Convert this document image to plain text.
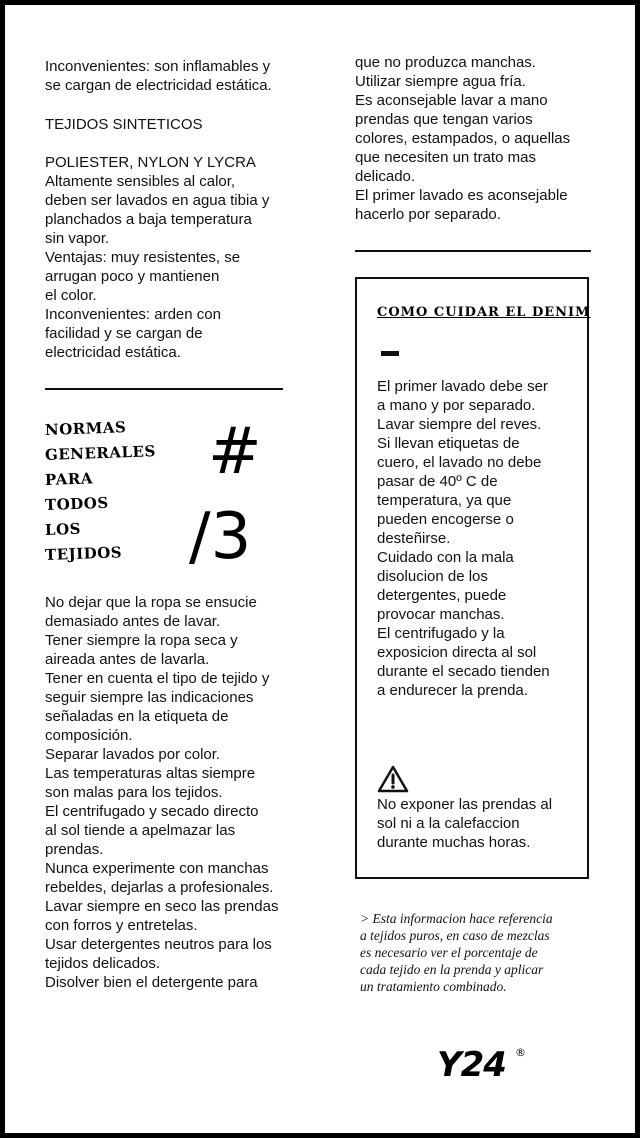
Inconvenientes: son inflamables y
se cargan de electricidad estática.

TEJIDOS SINTETICOS

POLIESTER, NYLON Y LYCRA
Altamente sensibles al calor,
deben ser lavados en agua tibia y
planchados a baja temperatura
sin vapor.
Ventajas: muy resistentes, se
arrugan poco y mantienen
el color.
Inconvenientes: arden con
facilidad y se cargan de
electricidad estática.

NORMAS
GENERALES
PARA
TODOS
LOS
TEJIDOS
#
/3

No dejar que la ropa se ensucie
demasiado antes de lavar.
Tener siempre la ropa seca y
aireada antes de lavarla.
Tener en cuenta el tipo de tejido y
seguir siempre las indicaciones
señaladas en la etiqueta de
composición.
Separar lavados por color.
Las temperaturas altas siempre
son malas para los tejidos.
El centrifugado y secado directo
al sol tiende a apelmazar las
prendas.
Nunca experimente con manchas
rebeldes, dejarlas a profesionales.
Lavar siempre en seco las prendas
con forros y entretelas.
Usar detergentes neutros para los
tejidos delicados.
Disolver bien el detergente para

que no produzca manchas.
Utilizar siempre agua fría.
Es aconsejable lavar a mano
prendas que tengan varios
colores, estampados, o aquellas
que necesiten un trato mas
delicado.
El primer lavado es aconsejable
hacerlo por separado.

COMO CUIDAR EL DENIM

El primer lavado debe ser
a mano y por separado.
Lavar siempre del reves.
Si llevan etiquetas de
cuero, el lavado no debe
pasar de 40º C de
temperatura, ya que
pueden encogerse o
desteñirse.
Cuidado con la mala
disolucion de los
detergentes, puede
provocar manchas.
El centrifugado y la
exposicion directa al sol
durante el secado tienden
a endurecer la prenda.

No exponer las prendas al
sol ni a la calefaccion
durante muchas horas.

> Esta informacion hace referencia
a tejidos puros, en caso de mezclas
es necesario ver el porcentaje de
cada tejido en la prenda y aplicar
un tratamiento combinado.

Y24 ®
